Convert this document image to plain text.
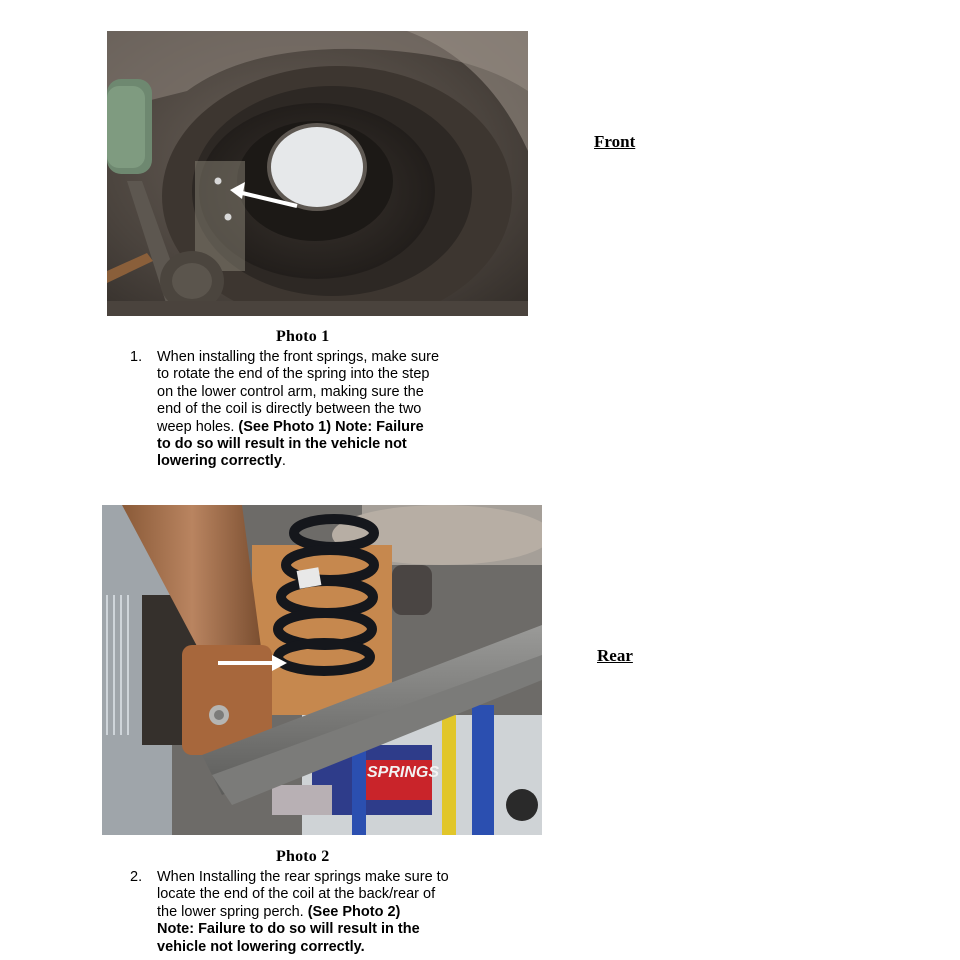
Front
Photo 1
1. When installing the front springs, make sure
to rotate the end of the spring into the step
on the lower control arm, making sure the
end of the coil is directly between the two
weep holes. (See Photo 1) Note: Failure
to do so will result in the vehicle not
lowering correctly.
SPRINGS
Rear
Photo 2
2. When Installing the rear springs make sure to
locate the end of the coil at the back/rear of
the lower spring perch. (See Photo 2)
Note: Failure to do so will result in the
vehicle not lowering correctly.
